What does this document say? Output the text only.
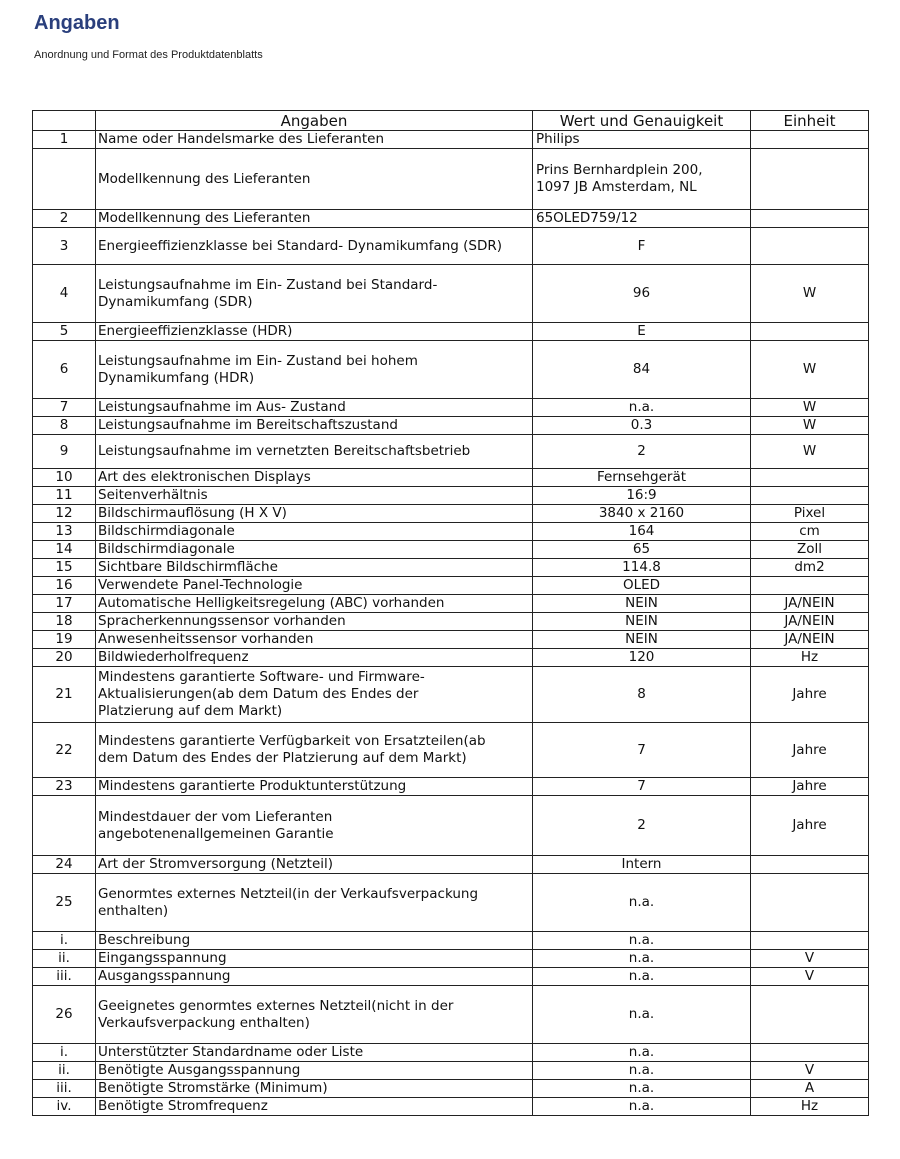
Angaben
Anordnung und Format des Produktdatenblatts
	Angaben	Wert und Genauigkeit	Einheit
1	Name oder Handelsmarke des Lieferanten	Philips	
	Modellkennung des Lieferanten	Prins Bernhardplein 200,
1097 JB Amsterdam, NL	
2	Modellkennung des Lieferanten	65OLED759/12	
3	Energieeffizienzklasse bei Standard- Dynamikumfang (SDR)	F	
4	Leistungsaufnahme im Ein- Zustand bei Standard-
Dynamikumfang (SDR)	96	W
5	Energieeffizienzklasse (HDR)	E	
6	Leistungsaufnahme im Ein- Zustand bei hohem
Dynamikumfang (HDR)	84	W
7	Leistungsaufnahme im Aus- Zustand	n.a.	W
8	Leistungsaufnahme im Bereitschaftszustand	0.3	W
9	Leistungsaufnahme im vernetzten Bereitschaftsbetrieb	2	W
10	Art des elektronischen Displays	Fernsehgerät	
11	Seitenverhältnis	16:9	
12	Bildschirmauflösung (H X V)	3840 x 2160	Pixel
13	Bildschirmdiagonale	164	cm
14	Bildschirmdiagonale	65	Zoll
15	Sichtbare Bildschirmfläche	114.8	dm2
16	Verwendete Panel-Technologie	OLED	
17	Automatische Helligkeitsregelung (ABC) vorhanden	NEIN	JA/NEIN
18	Spracherkennungssensor vorhanden	NEIN	JA/NEIN
19	Anwesenheitssensor vorhanden	NEIN	JA/NEIN
20	Bildwiederholfrequenz	120	Hz
21	Mindestens garantierte Software- und Firmware-
Aktualisierungen(ab dem Datum des Endes der
Platzierung auf dem Markt)	8	Jahre
22	Mindestens garantierte Verfügbarkeit von Ersatzteilen(ab
dem Datum des Endes der Platzierung auf dem Markt)	7	Jahre
23	Mindestens garantierte Produktunterstützung	7	Jahre
	Mindestdauer der vom Lieferanten
angebotenenallgemeinen Garantie	2	Jahre
24	Art der Stromversorgung (Netzteil)	Intern	
25	Genormtes externes Netzteil(in der Verkaufsverpackung
enthalten)	n.a.	
i.	Beschreibung	n.a.	
ii.	Eingangsspannung	n.a.	V
iii.	Ausgangsspannung	n.a.	V
26	Geeignetes genormtes externes Netzteil(nicht in der
Verkaufsverpackung enthalten)	n.a.	
i.	Unterstützter Standardname oder Liste	n.a.	
ii.	Benötigte Ausgangsspannung	n.a.	V
iii.	Benötigte Stromstärke (Minimum)	n.a.	A
iv.	Benötigte Stromfrequenz	n.a.	Hz
